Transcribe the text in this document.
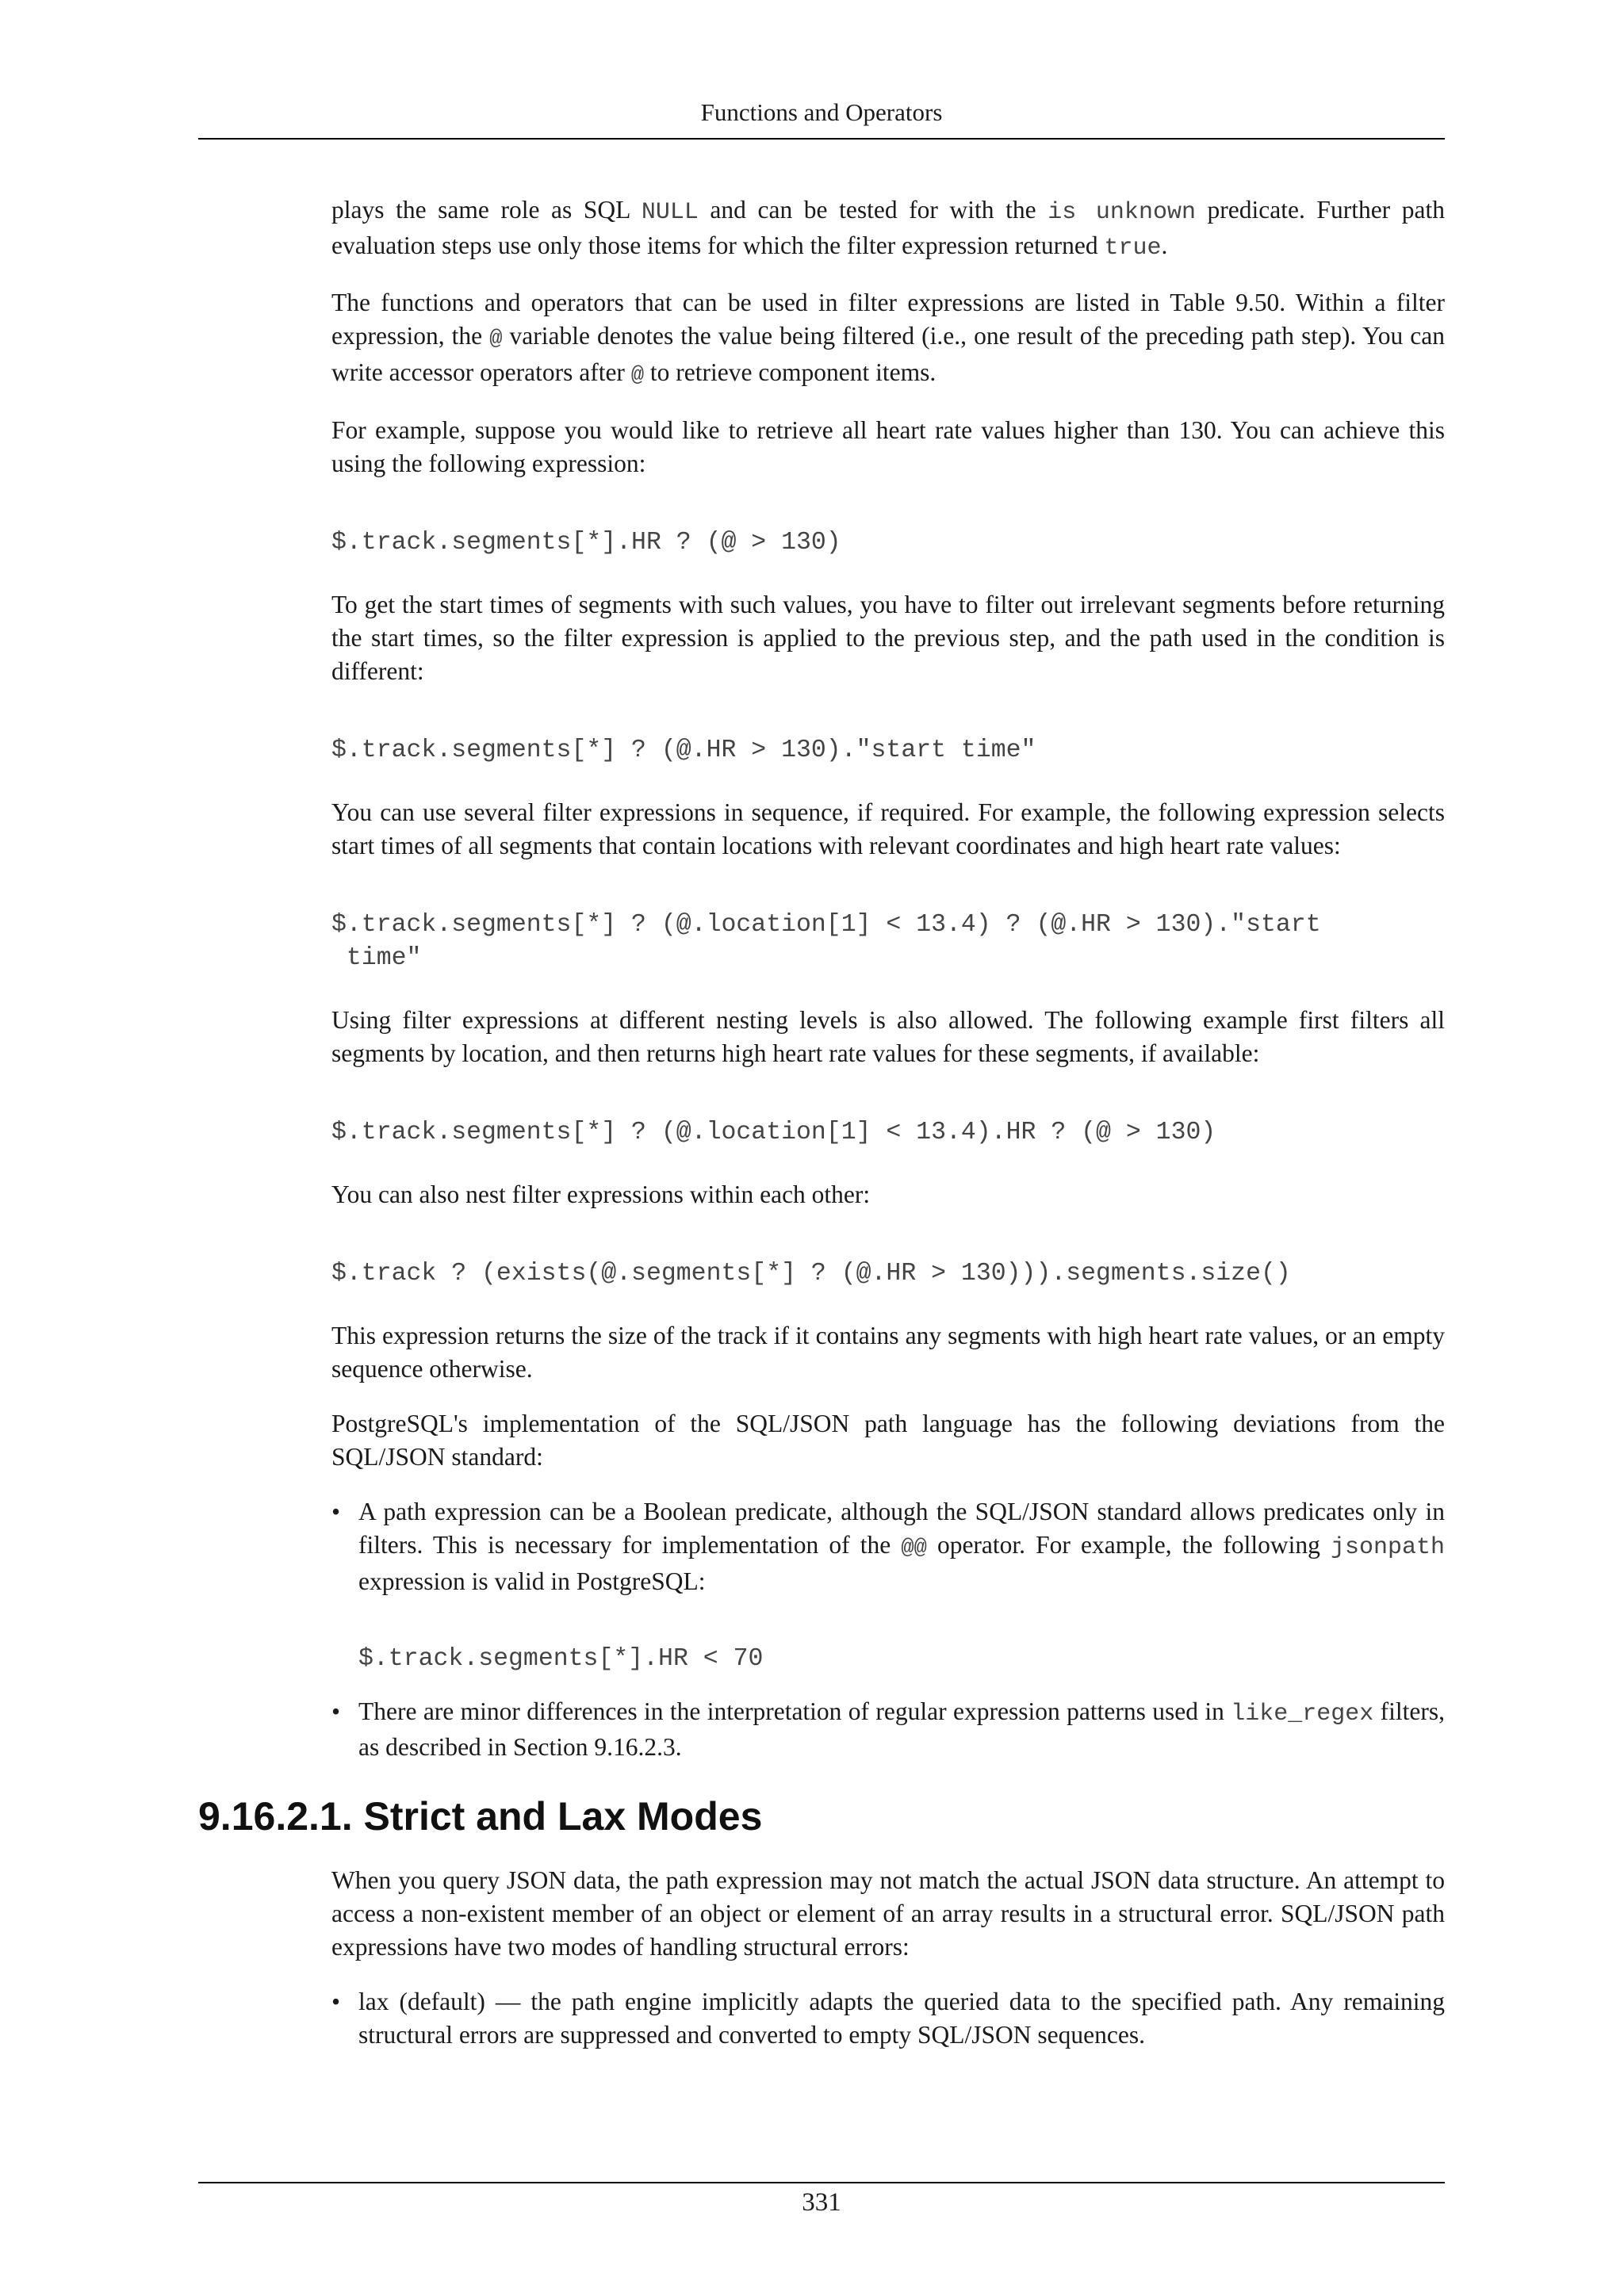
Functions and Operators

plays the same role as SQL NULL and can be tested for with the is unknown predicate. Further path evaluation steps use only those items for which the filter expression returned true.

The functions and operators that can be used in filter expressions are listed in Table 9.50. Within a filter expression, the @ variable denotes the value being filtered (i.e., one result of the preceding path step). You can write accessor operators after @ to retrieve component items.

For example, suppose you would like to retrieve all heart rate values higher than 130. You can achieve this using the following expression:

$.track.segments[*].HR ? (@ > 130)

To get the start times of segments with such values, you have to filter out irrelevant segments before returning the start times, so the filter expression is applied to the previous step, and the path used in the condition is different:

$.track.segments[*] ? (@.HR > 130)."start time"

You can use several filter expressions in sequence, if required. For example, the following expression selects start times of all segments that contain locations with relevant coordinates and high heart rate values:

$.track.segments[*] ? (@.location[1] < 13.4) ? (@.HR > 130)."start
time"

Using filter expressions at different nesting levels is also allowed. The following example first filters all segments by location, and then returns high heart rate values for these segments, if available:

$.track.segments[*] ? (@.location[1] < 13.4).HR ? (@ > 130)

You can also nest filter expressions within each other:

$.track ? (exists(@.segments[*] ? (@.HR > 130))).segments.size()

This expression returns the size of the track if it contains any segments with high heart rate values, or an empty sequence otherwise.

PostgreSQL's implementation of the SQL/JSON path language has the following deviations from the SQL/JSON standard:

• A path expression can be a Boolean predicate, although the SQL/JSON standard allows predicates only in filters. This is necessary for implementation of the @@ operator. For example, the following jsonpath expression is valid in PostgreSQL:
$.track.segments[*].HR < 70
• There are minor differences in the interpretation of regular expression patterns used in like_regex filters, as described in Section 9.16.2.3.
9.16.2.1. Strict and Lax Modes

When you query JSON data, the path expression may not match the actual JSON data structure. An attempt to access a non-existent member of an object or element of an array results in a structural error. SQL/JSON path expressions have two modes of handling structural errors:

• lax (default) — the path engine implicitly adapts the queried data to the specified path. Any remaining structural errors are suppressed and converted to empty SQL/JSON sequences.
331
